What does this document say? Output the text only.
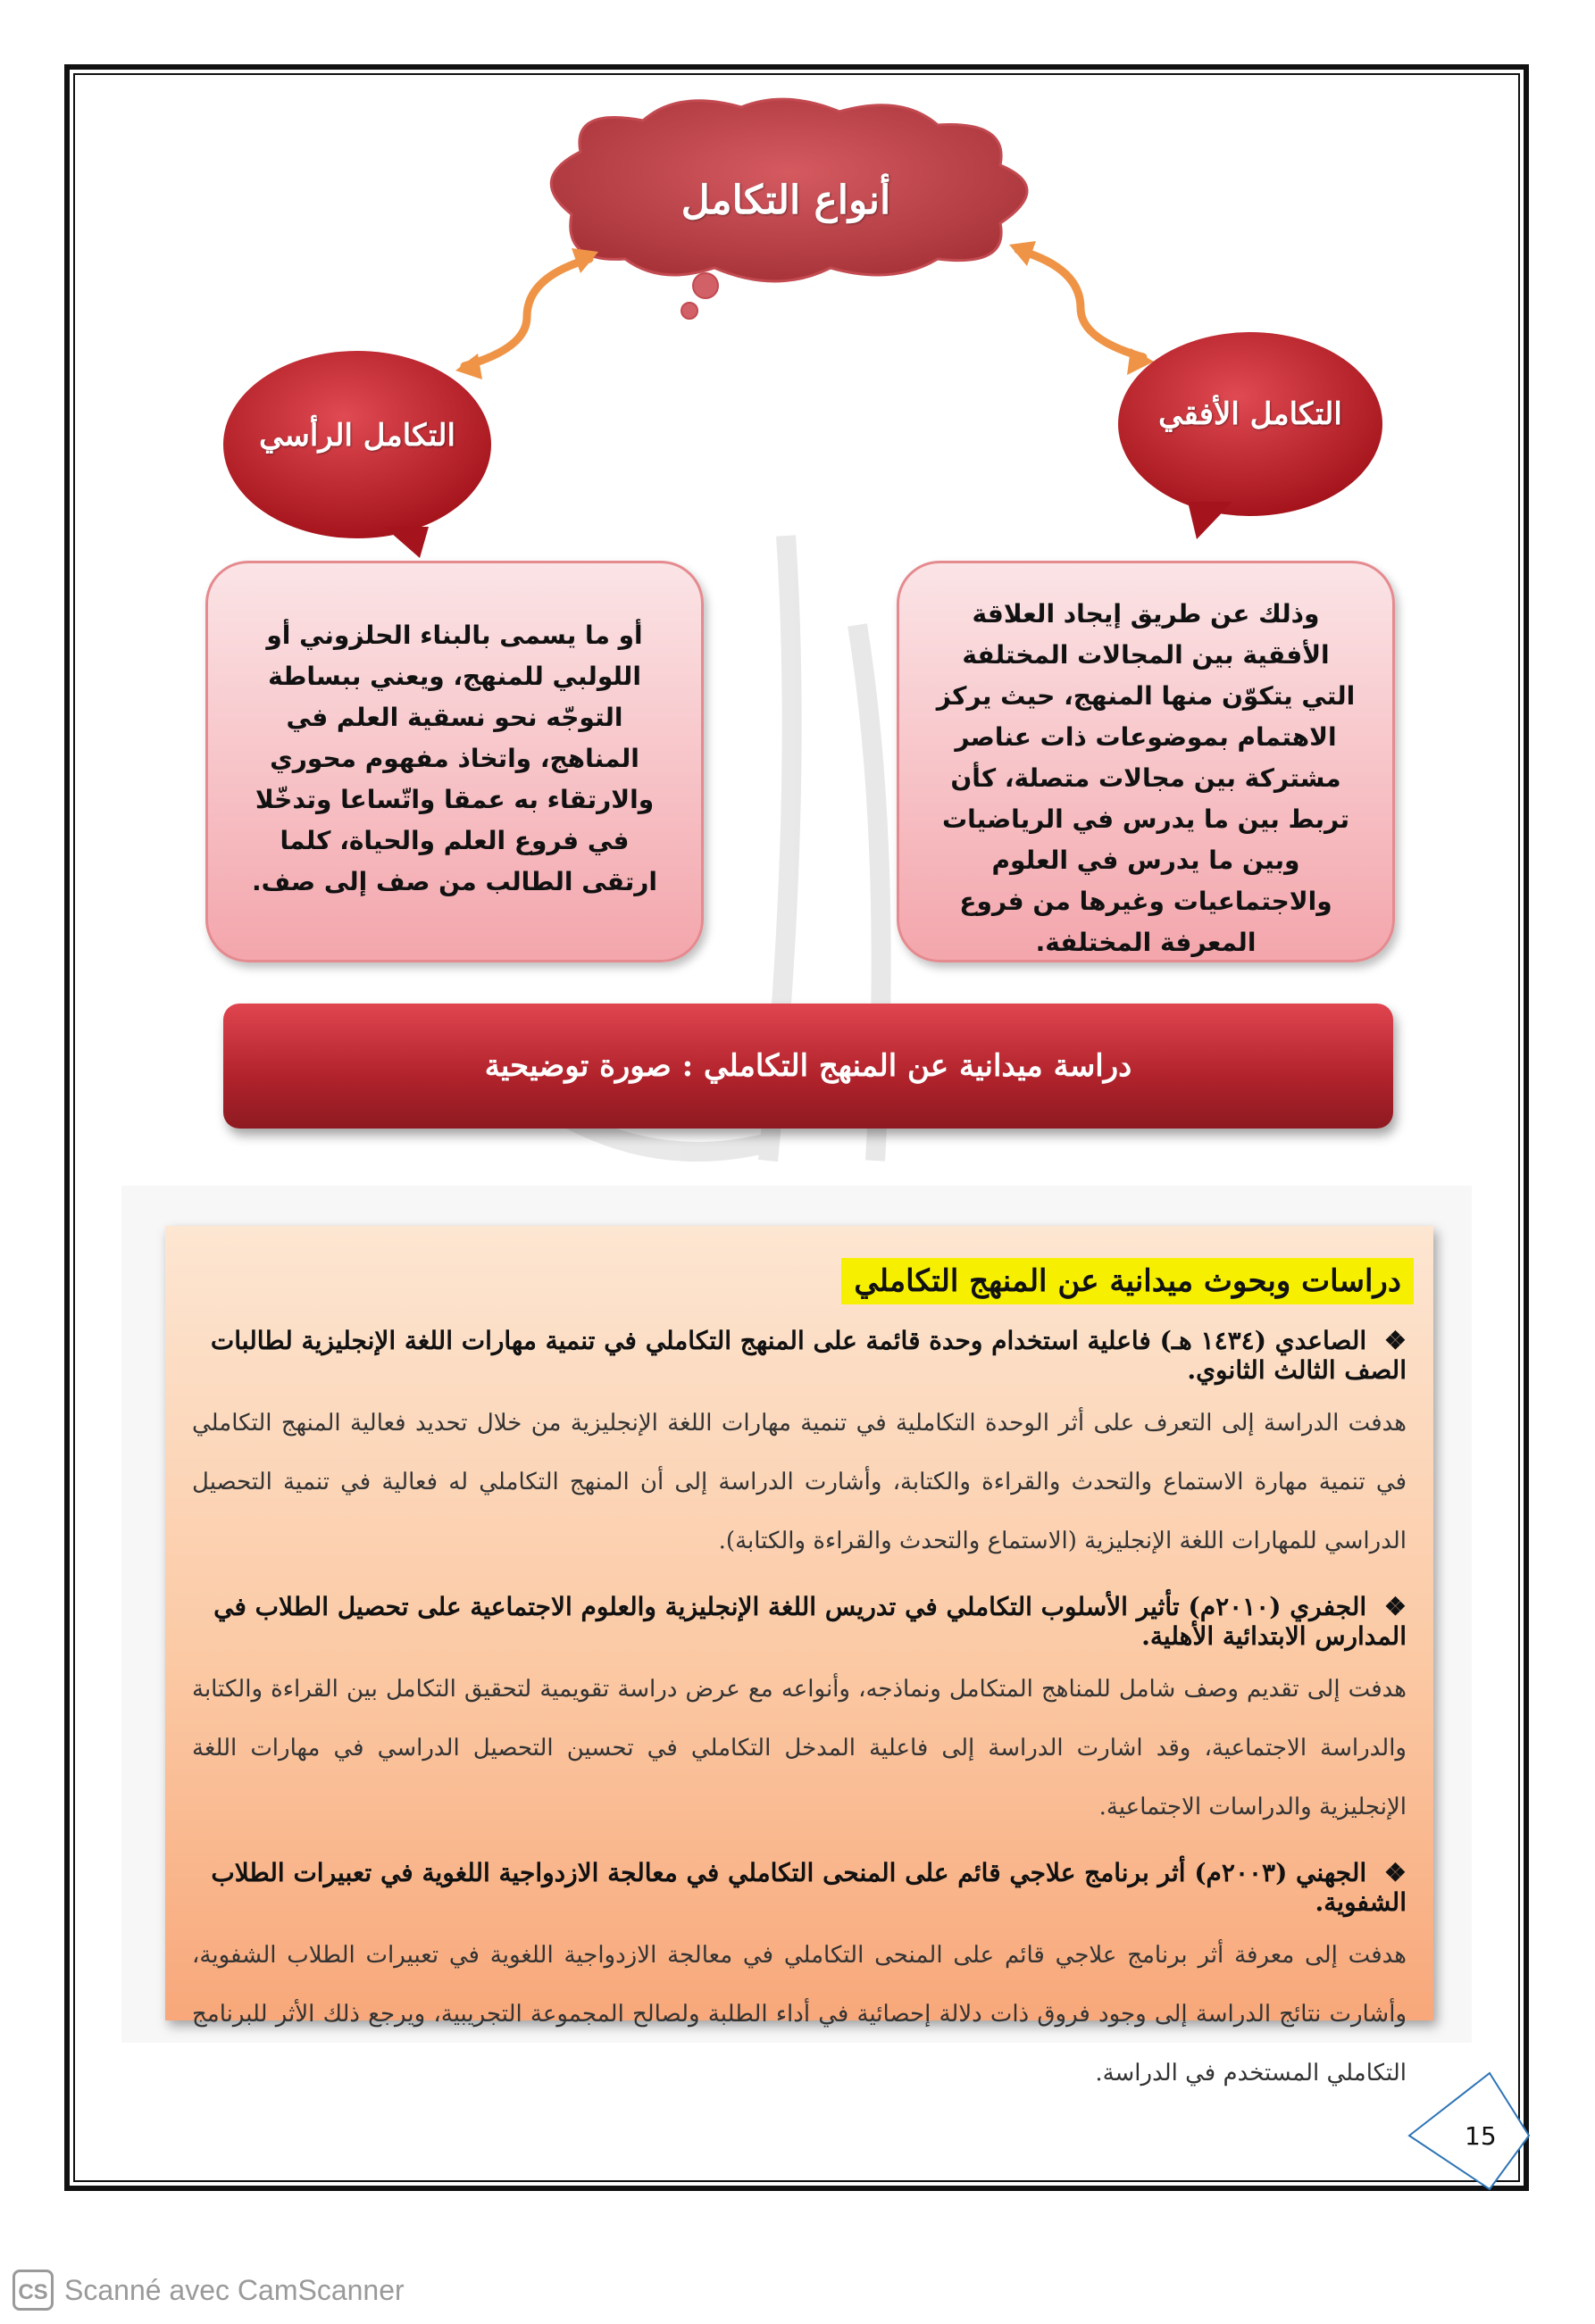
أنواع التكامل
التكامل الرأسي
التكامل الأفقي
أو ما يسمى بالبناء الحلزوني أو اللولبي للمنهج، ويعني ببساطة التوجّه نحو نسقية العلم في المناهج، واتخاذ مفهوم محوري والارتقاء به عمقا واتّساعا وتدخّلا في فروع العلم والحياة، كلما ارتقى الطالب من صف إلى صف.
وذلك عن طريق إيجاد العلاقة الأفقية بين المجالات المختلفة التي يتكوّن منها المنهج، حيث يركز الاهتمام بموضوعات ذات عناصر مشتركة بين مجالات متصلة، كأن تربط بين ما يدرس في الرياضيات وبين ما يدرس في العلوم والاجتماعيات وغيرها من فروع المعرفة المختلفة.
دراسة ميدانية عن المنهج التكاملي : صورة توضيحية
دراسات وبحوث ميدانية عن المنهج التكاملي
❖ الصاعدي (١٤٣٤ هـ) فاعلية استخدام وحدة قائمة على المنهج التكاملي في تنمية مهارات اللغة الإنجليزية لطالبات الصف الثالث الثانوي.
هدفت الدراسة إلى التعرف على أثر الوحدة التكاملية في تنمية مهارات اللغة الإنجليزية من خلال تحديد فعالية المنهج التكاملي في تنمية مهارة الاستماع والتحدث والقراءة والكتابة، وأشارت الدراسة إلى أن المنهج التكاملي له فعالية في تنمية التحصيل الدراسي للمهارات اللغة الإنجليزية (الاستماع والتحدث والقراءة والكتابة).
❖ الجفري (٢٠١٠م) تأثير الأسلوب التكاملي في تدريس اللغة الإنجليزية والعلوم الاجتماعية على تحصيل الطلاب في المدارس الابتدائية الأهلية.
هدفت إلى تقديم وصف شامل للمناهج المتكامل ونماذجه، وأنواعه مع عرض دراسة تقويمية لتحقيق التكامل بين القراءة والكتابة والدراسة الاجتماعية، وقد اشارت الدراسة إلى فاعلية المدخل التكاملي في تحسين التحصيل الدراسي في مهارات اللغة الإنجليزية والدراسات الاجتماعية.
❖ الجهني (٢٠٠٣م) أثر برنامج علاجي قائم على المنحى التكاملي في معالجة الازدواجية اللغوية في تعبيرات الطلاب الشفوية.
هدفت إلى معرفة أثر برنامج علاجي قائم على المنحى التكاملي في معالجة الازدواجية اللغوية في تعبيرات الطلاب الشفوية، وأشارت نتائج الدراسة إلى وجود فروق ذات دلالة إحصائية في أداء الطلبة ولصالح المجموعة التجريبية، ويرجع ذلك الأثر للبرنامج التكاملي المستخدم في الدراسة.
15
CS Scanné avec CamScanner
